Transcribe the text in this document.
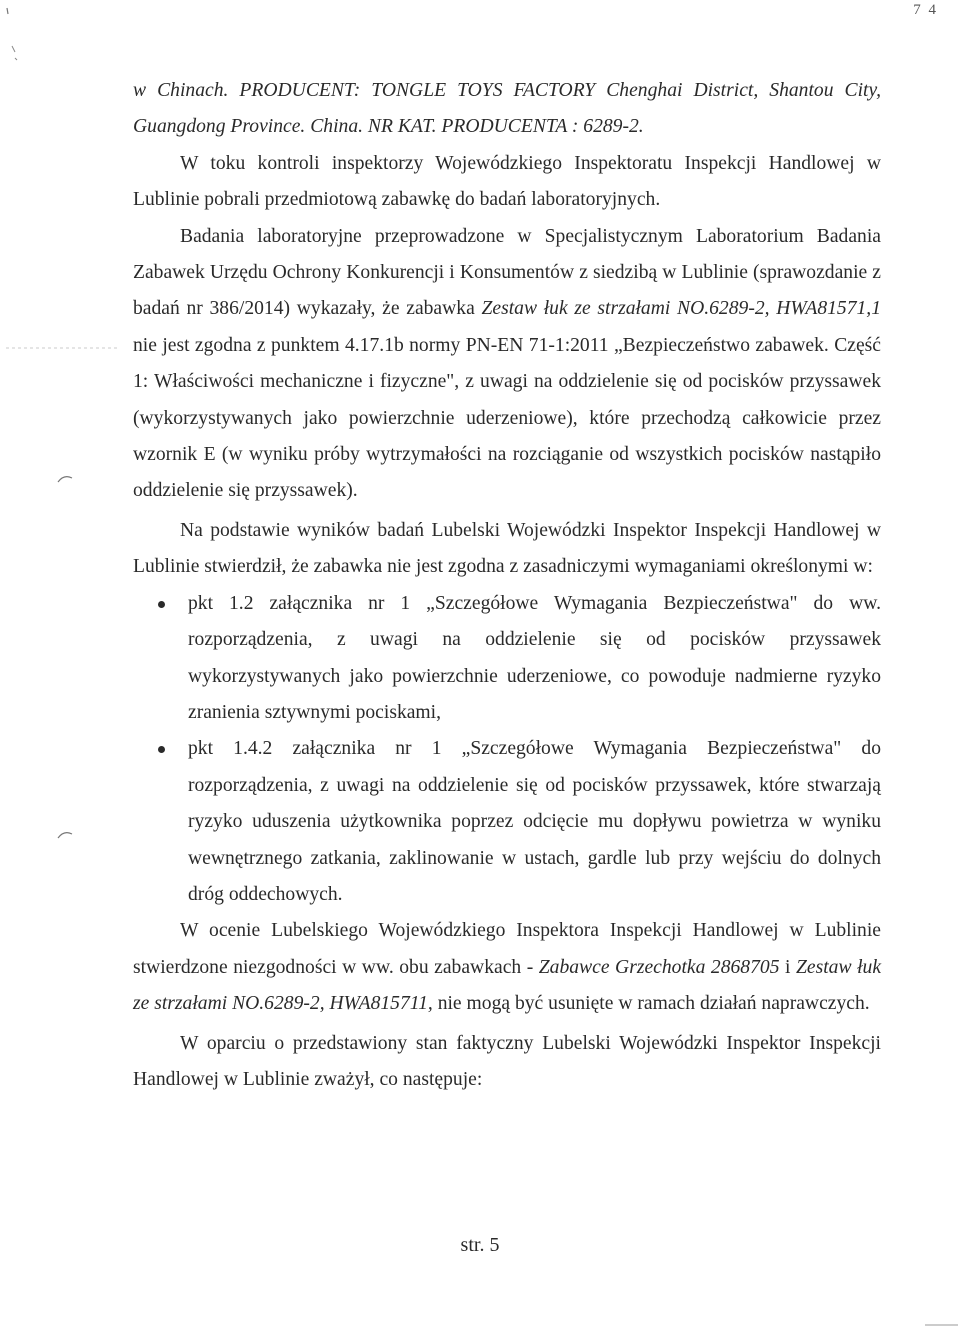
7 4

w Chinach. PRODUCENT: TONGLE TOYS FACTORY Chenghai District, Shantou City, Guangdong Province. China. NR KAT. PRODUCENTA : 6289-2.

W toku kontroli inspektorzy Wojewódzkiego Inspektoratu Inspekcji Handlowej w Lublinie pobrali przedmiotową zabawkę do badań laboratoryjnych.

Badania laboratoryjne przeprowadzone w Specjalistycznym Laboratorium Badania Zabawek Urzędu Ochrony Konkurencji i Konsumentów z siedzibą w Lublinie (sprawozdanie z badań nr 386/2014) wykazały, że zabawka Zestaw łuk ze strzałami NO.6289-2, HWA81571,1 nie jest zgodna z punktem 4.17.1b normy PN-EN 71-1:2011 „Bezpieczeństwo zabawek. Część 1: Właściwości mechaniczne i fizyczne", z uwagi na oddzielenie się od pocisków przyssawek (wykorzystywanych jako powierzchnie uderzeniowe), które przechodzą całkowicie przez wzornik E (w wyniku próby wytrzymałości na rozciąganie od wszystkich pocisków nastąpiło oddzielenie się przyssawek).

Na podstawie wyników badań Lubelski Wojewódzki Inspektor Inspekcji Handlowej w Lublinie stwierdził, że zabawka nie jest zgodna z zasadniczymi wymaganiami określonymi w:

pkt 1.2 załącznika nr 1 „Szczegółowe Wymagania Bezpieczeństwa" do ww. rozporządzenia, z uwagi na oddzielenie się od pocisków przyssawek wykorzystywanych jako powierzchnie uderzeniowe, co powoduje nadmierne ryzyko zranienia sztywnymi pociskami,
pkt 1.4.2 załącznika nr 1 „Szczegółowe Wymagania Bezpieczeństwa" do rozporządzenia, z uwagi na oddzielenie się od pocisków przyssawek, które stwarzają ryzyko uduszenia użytkownika poprzez odcięcie mu dopływu powietrza w wyniku wewnętrznego zatkania, zaklinowanie w ustach, gardle lub przy wejściu do dolnych dróg oddechowych.

W ocenie Lubelskiego Wojewódzkiego Inspektora Inspekcji Handlowej w Lublinie stwierdzone niezgodności w ww. obu zabawkach - Zabawce Grzechotka 2868705 i Zestaw łuk ze strzałami NO.6289-2, HWA815711, nie mogą być usunięte w ramach działań naprawczych.

W oparciu o przedstawiony stan faktyczny Lubelski Wojewódzki Inspektor Inspekcji Handlowej w Lublinie zważył, co następuje:

str. 5
